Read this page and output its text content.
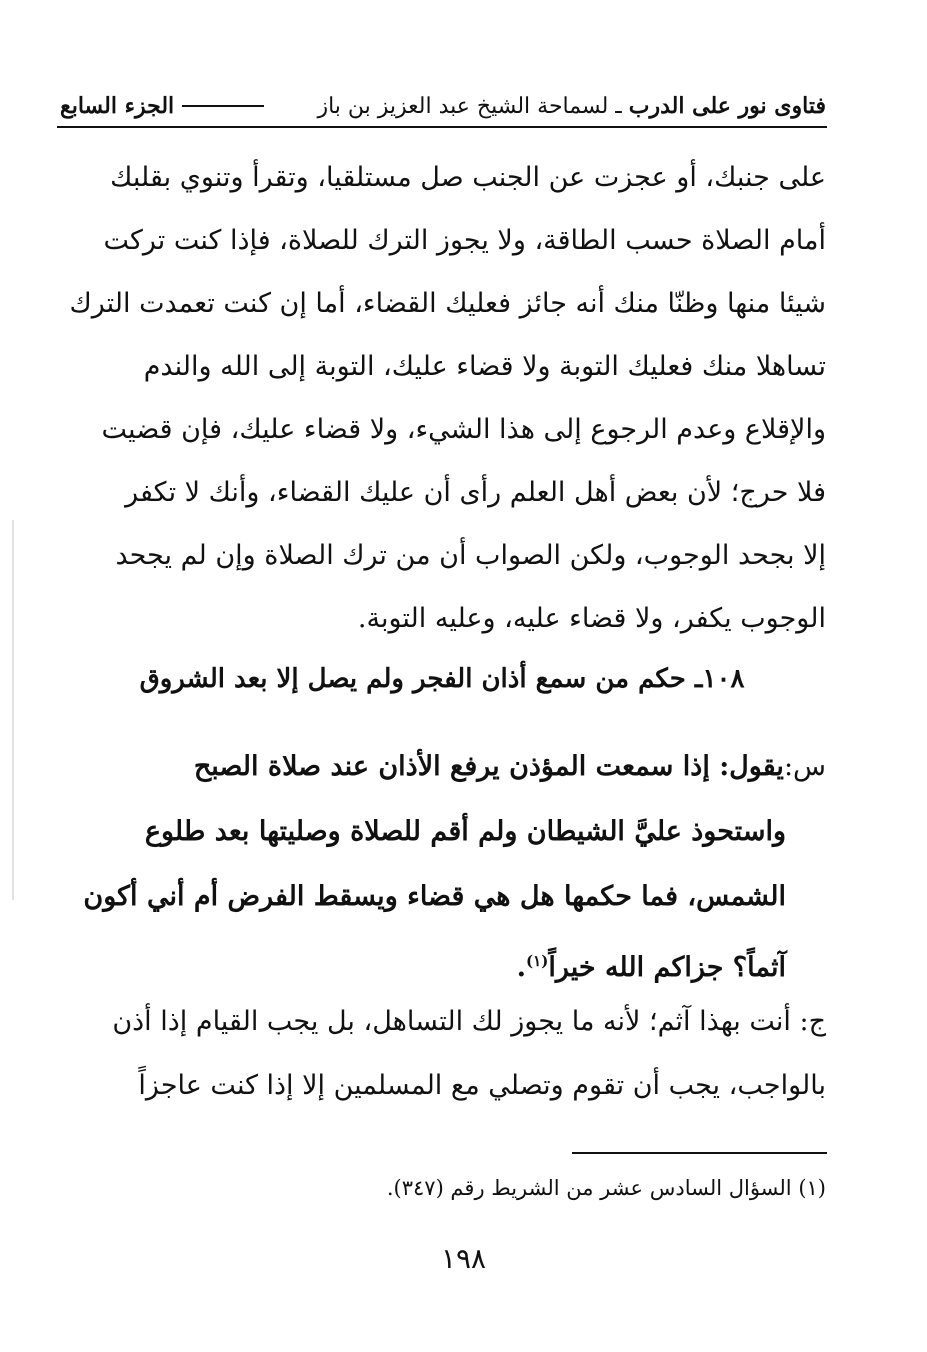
فتاوى نور على الدرب ـ لسماحة الشيخ عبد العزيز بن باز
الجزء السابع
على جنبك، أو عجزت عن الجنب صل مستلقيا، وتقرأ وتنوي بقلبك
أمام الصلاة حسب الطاقة، ولا يجوز الترك للصلاة، فإذا كنت تركت
شيئا منها وظنّا منك أنه جائز فعليك القضاء، أما إن كنت تعمدت الترك
تساهلا منك فعليك التوبة ولا قضاء عليك، التوبة إلى الله والندم
والإقلاع وعدم الرجوع إلى هذا الشيء، ولا قضاء عليك، فإن قضيت
فلا حرج؛ لأن بعض أهل العلم رأى أن عليك القضاء، وأنك لا تكفر
إلا بجحد الوجوب، ولكن الصواب أن من ترك الصلاة وإن لم يجحد
الوجوب يكفر، ولا قضاء عليه، وعليه التوبة.
١٠٨ـ حكم من سمع أذان الفجر ولم يصل إلا بعد الشروق
س:يقول: إذا سمعت المؤذن يرفع الأذان عند صلاة الصبح
واستحوذ عليَّ الشيطان ولم أقم للصلاة وصليتها بعد طلوع
الشمس، فما حكمها هل هي قضاء ويسقط الفرض أم أني أكون
آثماً؟ جزاكم الله خيراً$^{(١)}$.
ج: أنت بهذا آثم؛ لأنه ما يجوز لك التساهل، بل يجب القيام إذا أذن
بالواجب، يجب أن تقوم وتصلي مع المسلمين إلا إذا كنت عاجزاً
(١) السؤال السادس عشر من الشريط رقم (٣٤٧).
١٩٨
